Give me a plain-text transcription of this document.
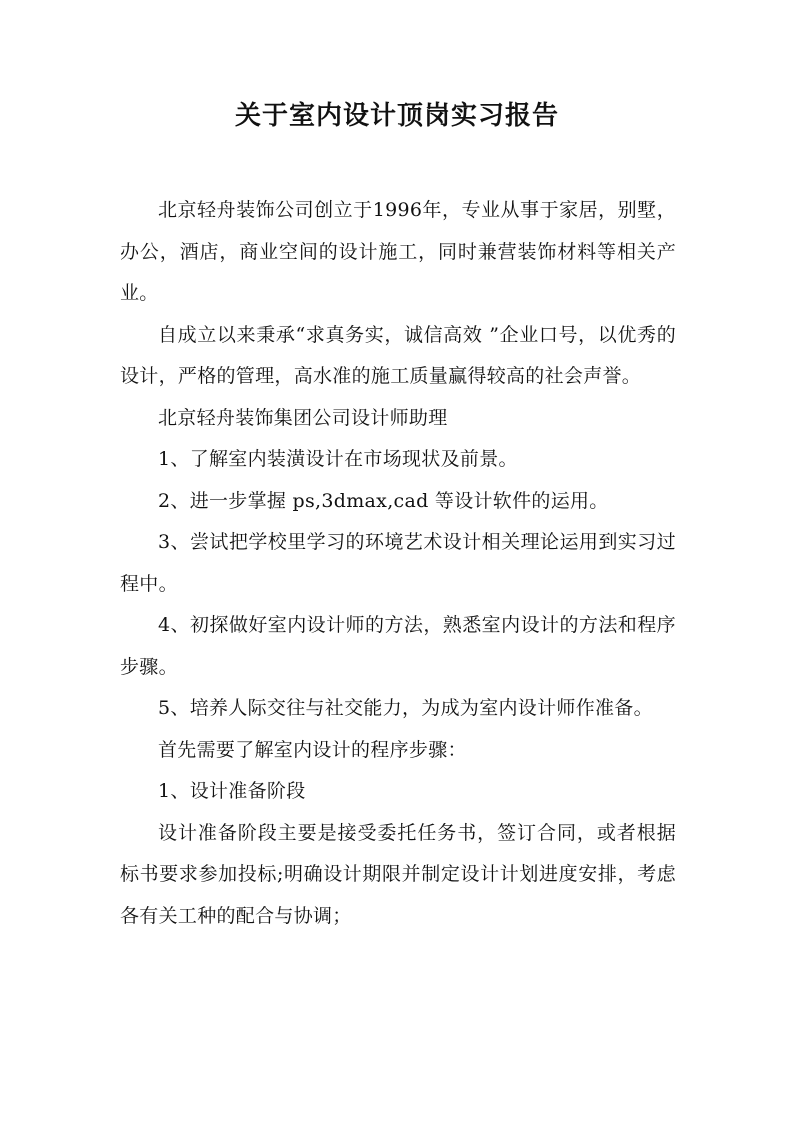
关于室内设计顶岗实习报告

北京轻舟装饰公司创立于1996年，专业从事于家居，别墅，办公，酒店，商业空间的设计施工，同时兼营装饰材料等相关产业。

自成立以来秉承“求真务实，诚信高效 ”企业口号，以优秀的设计，严格的管理，高水准的施工质量赢得较高的社会声誉。

北京轻舟装饰集团公司设计师助理

1、了解室内装潢设计在市场现状及前景。

2、进一步掌握 ps,3dmax,cad 等设计软件的运用。

3、尝试把学校里学习的环境艺术设计相关理论运用到实习过程中。

4、初探做好室内设计师的方法，熟悉室内设计的方法和程序步骤。

5、培养人际交往与社交能力，为成为室内设计师作准备。

首先需要了解室内设计的程序步骤：

1、设计准备阶段

设计准备阶段主要是接受委托任务书，签订合同，或者根据标书要求参加投标;明确设计期限并制定设计计划进度安排，考虑各有关工种的配合与协调；
